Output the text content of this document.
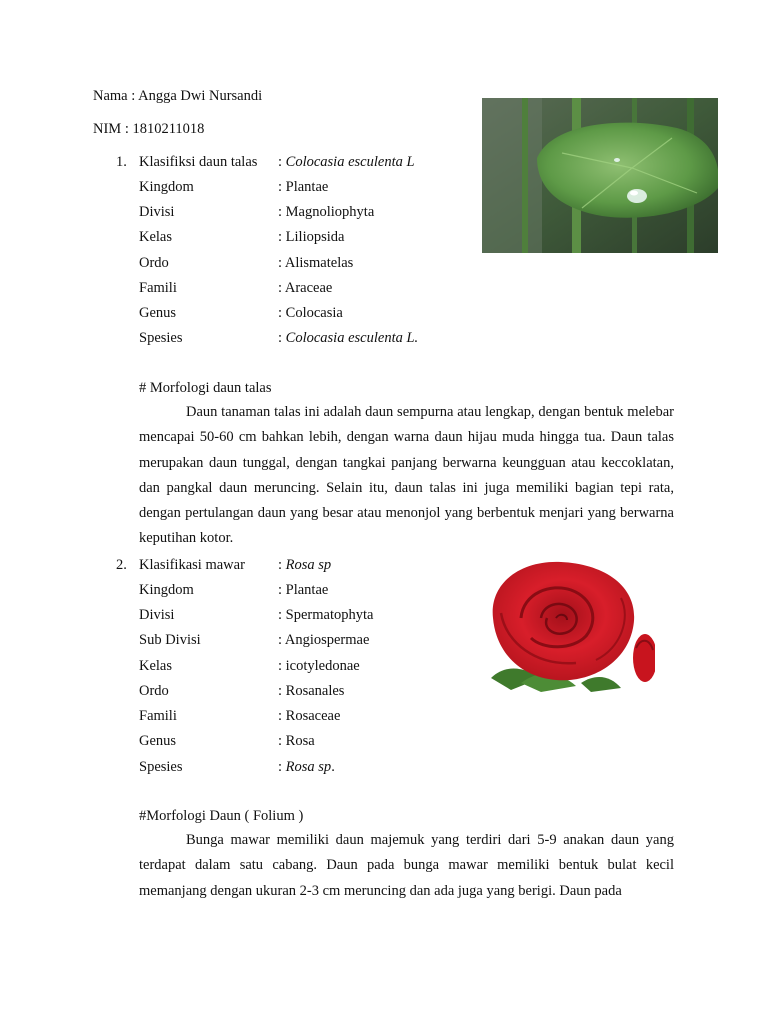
Nama : Angga Dwi Nursandi
NIM : 1810211018
1. Klasifiksi daun talas : Colocasia esculenta L
Kingdom	: Plantae
Divisi	: Magnoliophyta
Kelas	: Liliopsida
Ordo	: Alismatelas
Famili	: Araceae
Genus	: Colocasia
Spesies	: Colocasia esculenta L.
# Morfologi daun talas
Daun tanaman talas ini adalah daun sempurna atau lengkap, dengan bentuk melebar mencapai 50-60 cm bahkan lebih, dengan warna daun hijau muda hingga tua. Daun talas merupakan daun tunggal, dengan tangkai panjang berwarna keungguan atau keccoklatan, dan pangkal daun meruncing. Selain itu, daun talas ini juga memiliki bagian tepi rata, dengan pertulangan daun yang besar atau menonjol yang berbentuk menjari yang berwarna keputihan kotor.
2. Klasifikasi mawar : Rosa sp
Kingdom	: Plantae
Divisi	: Spermatophyta
Sub Divisi	: Angiospermae
Kelas	: icotyledonae
Ordo	: Rosanales
Famili	: Rosaceae
Genus	: Rosa
Spesies	: Rosa sp.
#Morfologi Daun ( Folium )
Bunga mawar memiliki daun majemuk yang terdiri dari 5-9 anakan daun yang terdapat dalam satu cabang. Daun pada bunga mawar memiliki bentuk bulat kecil memanjang dengan ukuran 2-3 cm meruncing dan ada juga yang berigi. Daun pada
